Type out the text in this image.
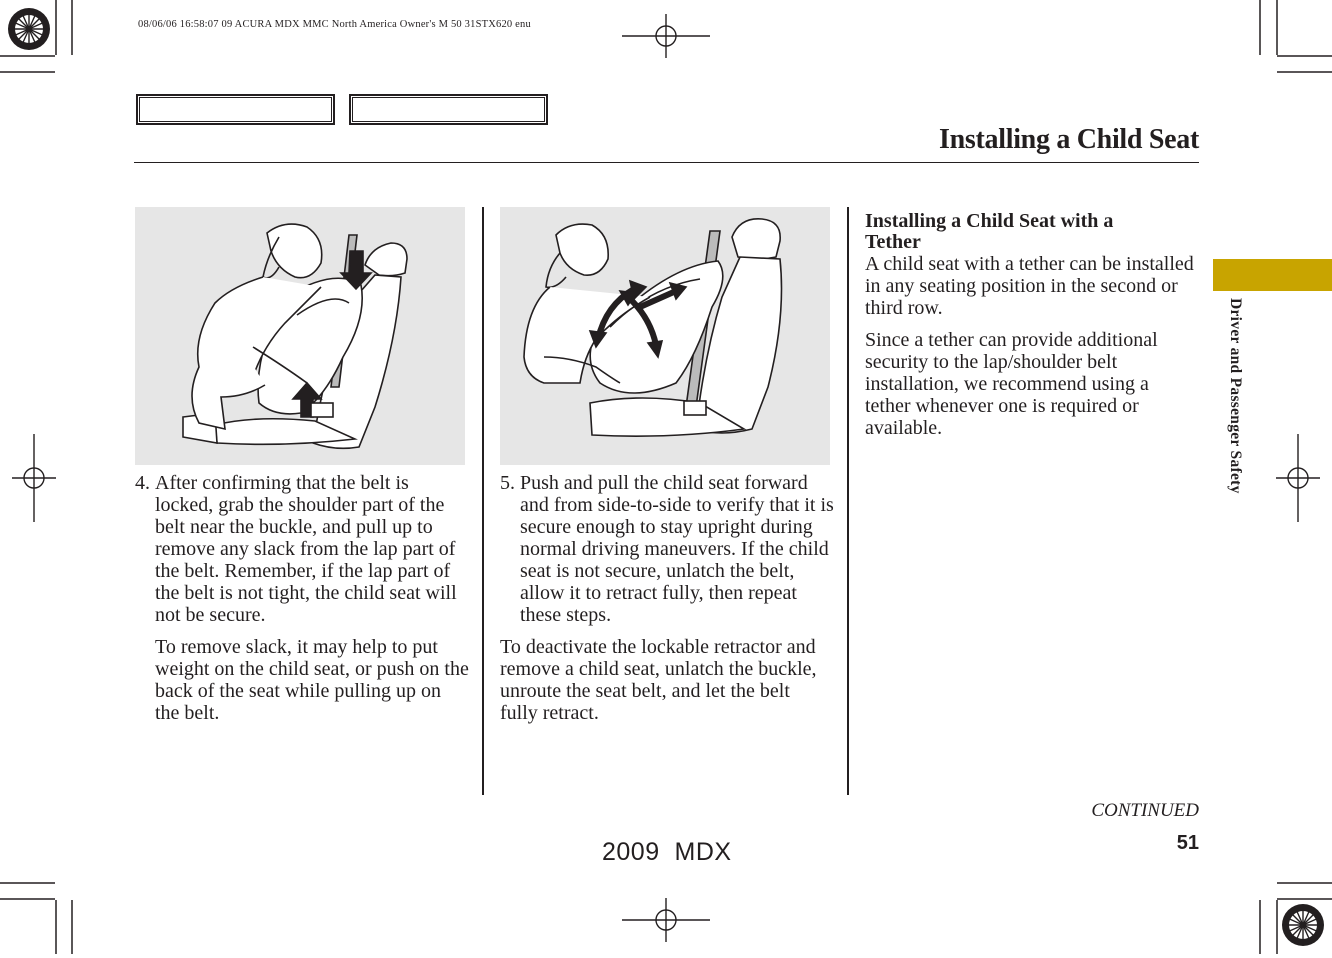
08/06/06 16:58:07 09 ACURA MDX MMC North America Owner's M 50 31STX620 enu
Installing a Child Seat
Driver and Passenger Safety
4. After confirming that the belt is locked, grab the shoulder part of the belt near the buckle, and pull up to remove any slack from the lap part of the belt. Remember, if the lap part of the belt is not tight, the child seat will not be secure.

To remove slack, it may help to put weight on the child seat, or push on the back of the seat while pulling up on the belt.

5. Push and pull the child seat forward and from side-to-side to verify that it is secure enough to stay upright during normal driving maneuvers. If the child seat is not secure, unlatch the belt, allow it to retract fully, then repeat these steps.

To deactivate the lockable retractor and remove a child seat, unlatch the buckle, unroute the seat belt, and let the belt fully retract.

Installing a Child Seat with a Tether

A child seat with a tether can be installed in any seating position in the second or third row.

Since a tether can provide additional security to the lap/shoulder belt installation, we recommend using a tether whenever one is required or available.

CONTINUED
51
2009  MDX
